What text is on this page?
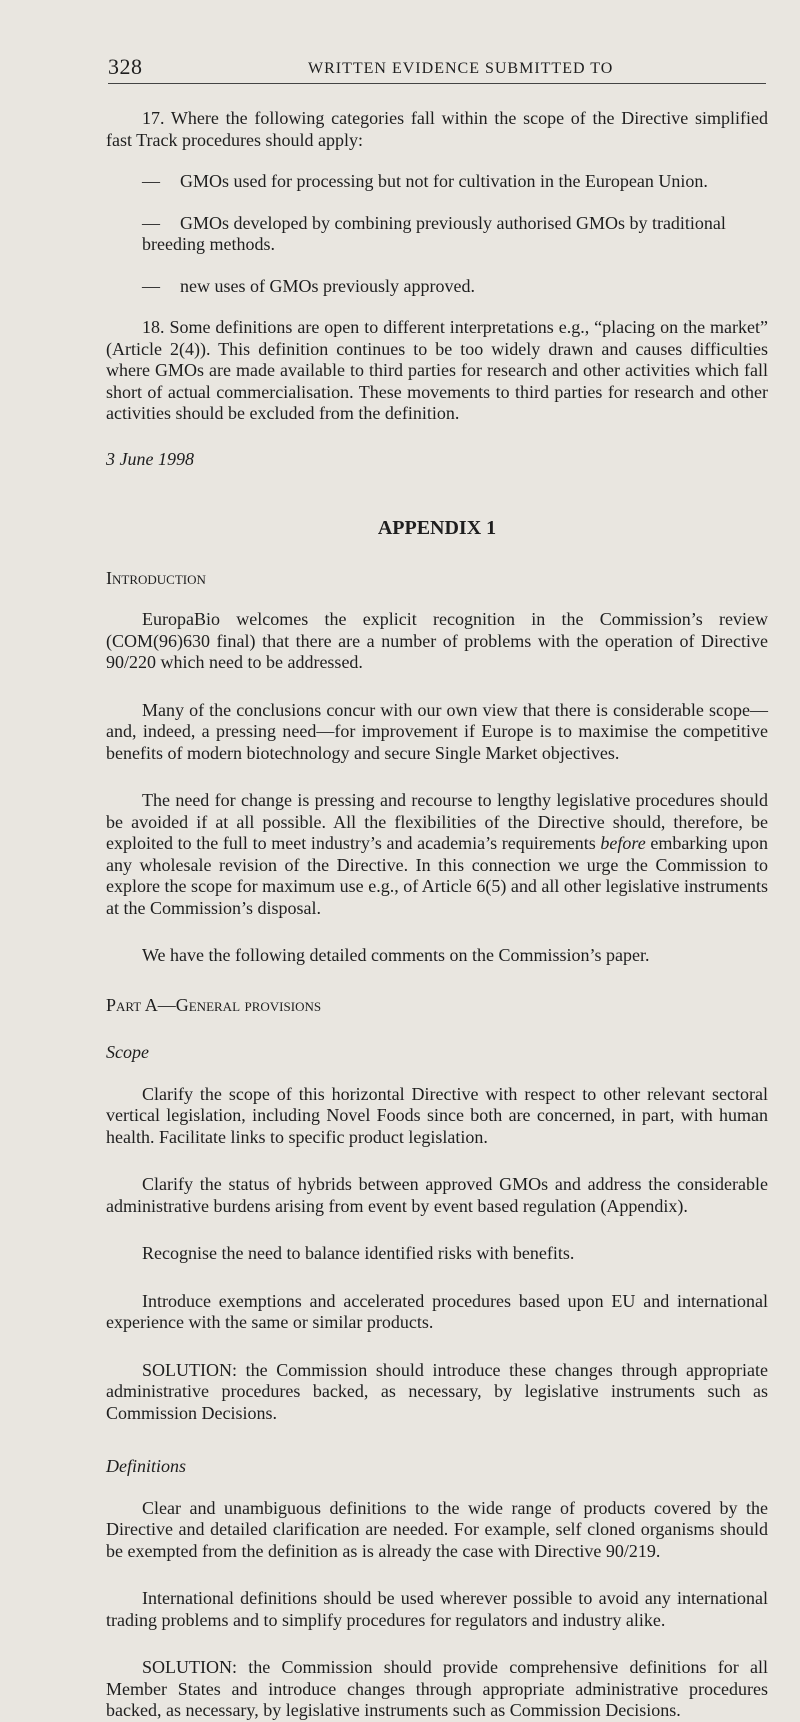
328	WRITTEN EVIDENCE SUBMITTED TO

17. Where the following categories fall within the scope of the Directive simplified fast Track procedures should apply:

— GMOs used for processing but not for cultivation in the European Union.
— GMOs developed by combining previously authorised GMOs by traditional breeding methods.
— new uses of GMOs previously approved.

18. Some definitions are open to different interpretations e.g., “placing on the market” (Article 2(4)). This definition continues to be too widely drawn and causes difficulties where GMOs are made available to third parties for research and other activities which fall short of actual commercialisation. These movements to third parties for research and other activities should be excluded from the definition.

3 June 1998

APPENDIX 1

Introduction

EuropaBio welcomes the explicit recognition in the Commission’s review (COM(96)630 final) that there are a number of problems with the operation of Directive 90/220 which need to be addressed.

Many of the conclusions concur with our own view that there is considerable scope—and, indeed, a pressing need—for improvement if Europe is to maximise the competitive benefits of modern biotechnology and secure Single Market objectives.

The need for change is pressing and recourse to lengthy legislative procedures should be avoided if at all possible. All the flexibilities of the Directive should, therefore, be exploited to the full to meet industry’s and academia’s requirements before embarking upon any wholesale revision of the Directive. In this connection we urge the Commission to explore the scope for maximum use e.g., of Article 6(5) and all other legislative instruments at the Commission’s disposal.

We have the following detailed comments on the Commission’s paper.

Part A—General provisions

Scope

Clarify the scope of this horizontal Directive with respect to other relevant sectoral vertical legislation, including Novel Foods since both are concerned, in part, with human health. Facilitate links to specific product legislation.

Clarify the status of hybrids between approved GMOs and address the considerable administrative burdens arising from event by event based regulation (Appendix).

Recognise the need to balance identified risks with benefits.

Introduce exemptions and accelerated procedures based upon EU and international experience with the same or similar products.

SOLUTION: the Commission should introduce these changes through appropriate administrative procedures backed, as necessary, by legislative instruments such as Commission Decisions.

Definitions

Clear and unambiguous definitions to the wide range of products covered by the Directive and detailed clarification are needed. For example, self cloned organisms should be exempted from the definition as is already the case with Directive 90/219.

International definitions should be used wherever possible to avoid any international trading problems and to simplify procedures for regulators and industry alike.

SOLUTION: the Commission should provide comprehensive definitions for all Member States and introduce changes through appropriate administrative procedures backed, as necessary, by legislative instruments such as Commission Decisions.
